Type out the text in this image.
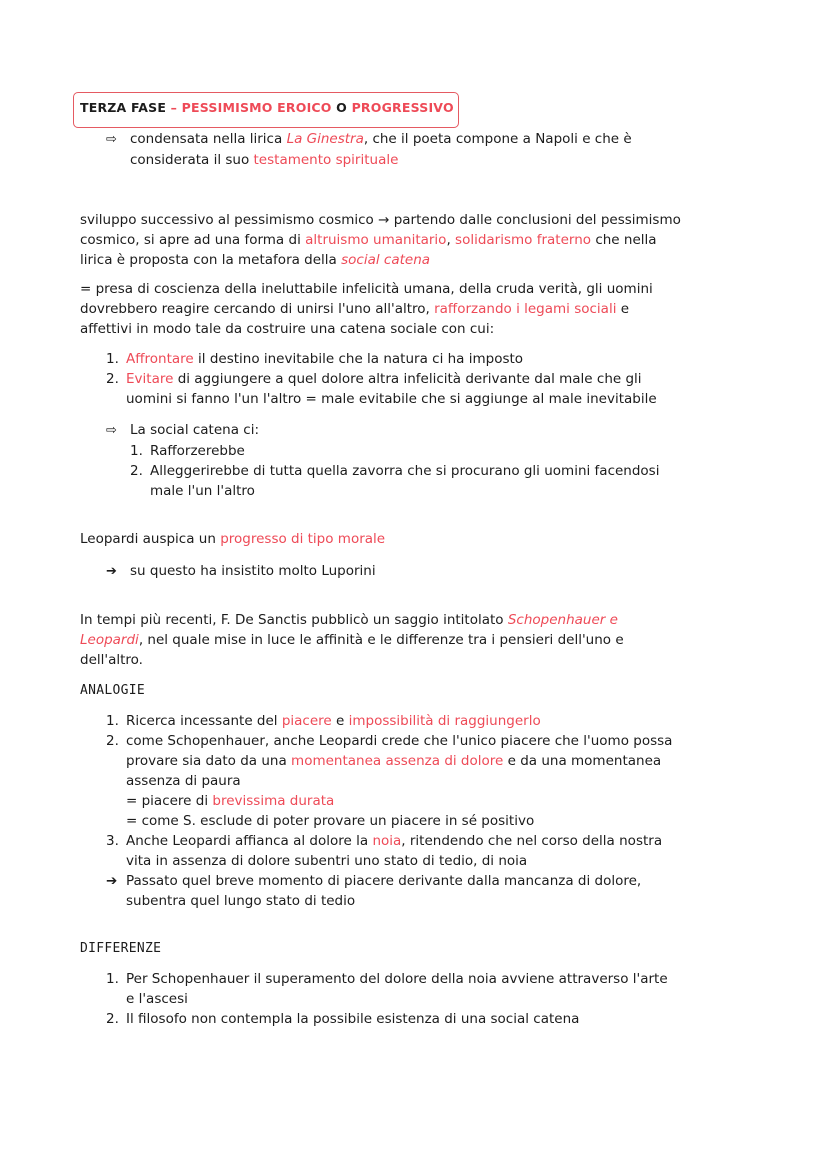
TERZA FASE – PESSIMISMO EROICO O PROGRESSIVO
⇨ condensata nella lirica La Ginestra, che il poeta compone a Napoli e che è
considerata il suo testamento spirituale
sviluppo successivo al pessimismo cosmico → partendo dalle conclusioni del pessimismo
cosmico, si apre ad una forma di altruismo umanitario, solidarismo fraterno che nella
lirica è proposta con la metafora della social catena
= presa di coscienza della ineluttabile infelicità umana, della cruda verità, gli uomini
dovrebbero reagire cercando di unirsi l'uno all'altro, rafforzando i legami sociali e
affettivi in modo tale da costruire una catena sociale con cui:
1. Affrontare il destino inevitabile che la natura ci ha imposto
2. Evitare di aggiungere a quel dolore altra infelicità derivante dal male che gli
uomini si fanno l'un l'altro = male evitabile che si aggiunge al male inevitabile
⇨ La social catena ci:
1. Rafforzerebbe
2. Alleggerirebbe di tutta quella zavorra che si procurano gli uomini facendosi
male l'un l'altro
Leopardi auspica un progresso di tipo morale
➔ su questo ha insistito molto Luporini
In tempi più recenti, F. De Sanctis pubblicò un saggio intitolato Schopenhauer e
Leopardi, nel quale mise in luce le affinità e le differenze tra i pensieri dell'uno e
dell'altro.
ANALOGIE
1. Ricerca incessante del piacere e impossibilità di raggiungerlo
2. come Schopenhauer, anche Leopardi crede che l'unico piacere che l'uomo possa
provare sia dato da una momentanea assenza di dolore e da una momentanea
assenza di paura
= piacere di brevissima durata
= come S. esclude di poter provare un piacere in sé positivo
3. Anche Leopardi affianca al dolore la noia, ritendendo che nel corso della nostra
vita in assenza di dolore subentri uno stato di tedio, di noia
➔ Passato quel breve momento di piacere derivante dalla mancanza di dolore,
subentra quel lungo stato di tedio
DIFFERENZE
1. Per Schopenhauer il superamento del dolore della noia avviene attraverso l'arte
e l'ascesi
2. Il filosofo non contempla la possibile esistenza di una social catena
